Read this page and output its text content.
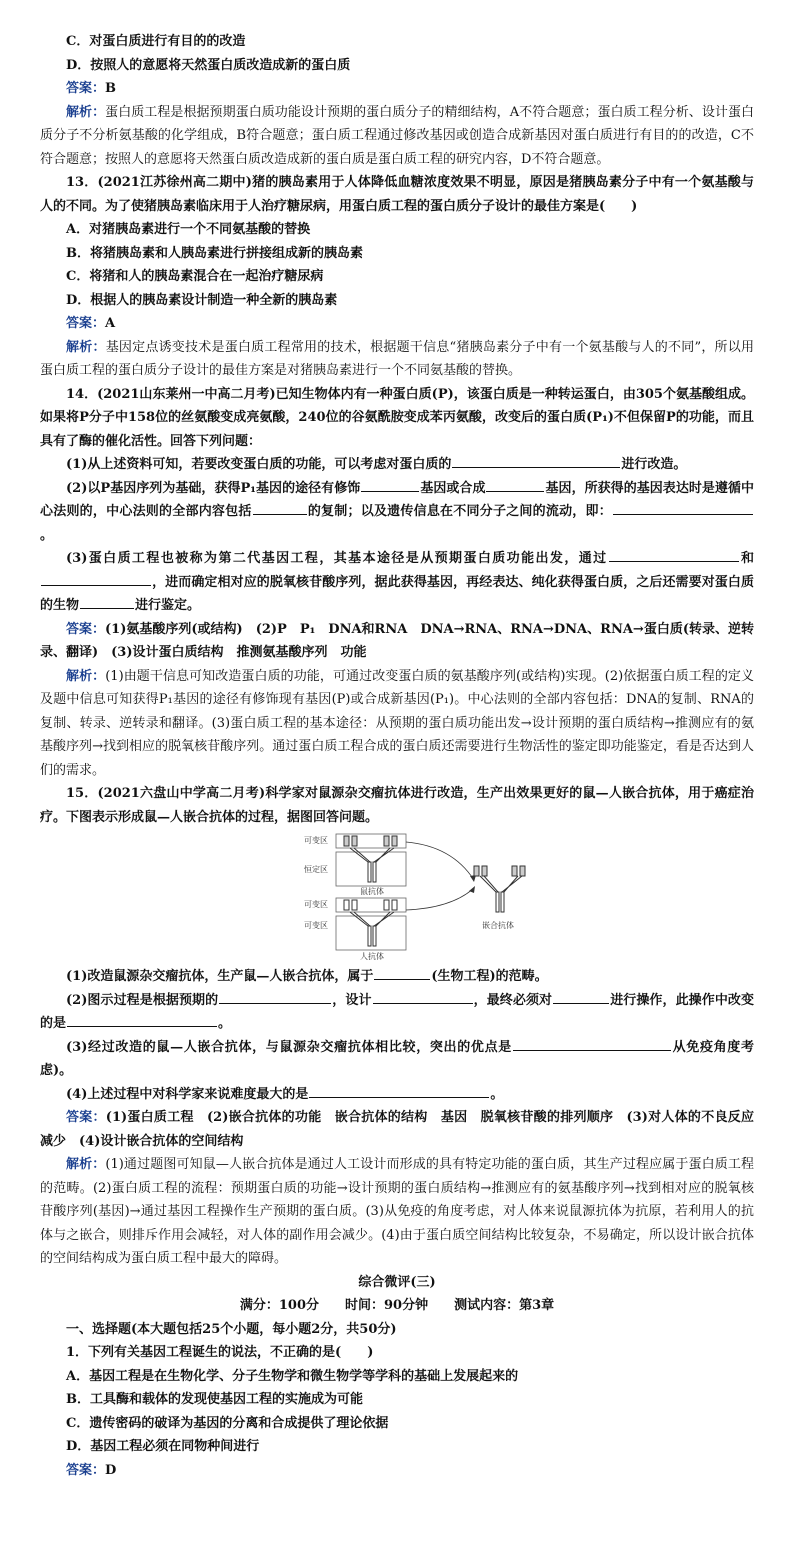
C．对蛋白质进行有目的的改造

D．按照人的意愿将天然蛋白质改造成新的蛋白质

答案：B

解析：蛋白质工程是根据预期蛋白质功能设计预期的蛋白质分子的精细结构，A不符合题意；蛋白质工程分析、设计蛋白质分子不分析氨基酸的化学组成，B符合题意；蛋白质工程通过修改基因或创造合成新基因对蛋白质进行有目的的改造，C不符合题意；按照人的意愿将天然蛋白质改造成新的蛋白质是蛋白质工程的研究内容，D不符合题意。

13．(2021江苏徐州高二期中)猪的胰岛素用于人体降低血糖浓度效果不明显，原因是猪胰岛素分子中有一个氨基酸与人的不同。为了使猪胰岛素临床用于人治疗糖尿病，用蛋白质工程的蛋白质分子设计的最佳方案是(　　)

A．对猪胰岛素进行一个不同氨基酸的替换

B．将猪胰岛素和人胰岛素进行拼接组成新的胰岛素

C．将猪和人的胰岛素混合在一起治疗糖尿病

D．根据人的胰岛素设计制造一种全新的胰岛素

答案：A

解析：基因定点诱变技术是蛋白质工程常用的技术，根据题干信息“猪胰岛素分子中有一个氨基酸与人的不同”，所以用蛋白质工程的蛋白质分子设计的最佳方案是对猪胰岛素进行一个不同氨基酸的替换。

14．(2021山东莱州一中高二月考)已知生物体内有一种蛋白质(P)，该蛋白质是一种转运蛋白，由305个氨基酸组成。如果将P分子中158位的丝氨酸变成亮氨酸，240位的谷氨酰胺变成苯丙氨酸，改变后的蛋白质(P₁)不但保留P的功能，而且具有了酶的催化活性。回答下列问题：

(1)从上述资料可知，若要改变蛋白质的功能，可以考虑对蛋白质的	进行改造。

(2)以P基因序列为基础，获得P₁基因的途径有修饰	基因或合成	基因，所获得的基因表达时是遵循中心法则的，中心法则的全部内容包括	的复制；以及遗传信息在不同分子之间的流动，即：。

(3)蛋白质工程也被称为第二代基因工程，其基本途径是从预期蛋白质功能出发，通过	和，进而确定相对应的脱氧核苷酸序列，据此获得基因，再经表达、纯化获得蛋白质，之后还需要对蛋白质的生物	进行鉴定。

答案：(1)氨基酸序列(或结构)　(2)P　P₁　DNA和RNA　DNA→RNA、RNA→DNA、RNA→蛋白质(转录、逆转录、翻译)　(3)设计蛋白质结构　推测氨基酸序列　功能

解析：(1)由题干信息可知改造蛋白质的功能，可通过改变蛋白质的氨基酸序列(或结构)实现。(2)依据蛋白质工程的定义及题中信息可知获得P₁基因的途径有修饰现有基因(P)或合成新基因(P₁)。中心法则的全部内容包括：DNA的复制、RNA的复制、转录、逆转录和翻译。(3)蛋白质工程的基本途径：从预期的蛋白质功能出发→设计预期的蛋白质结构→推测应有的氨基酸序列→找到相应的脱氧核苷酸序列。通过蛋白质工程合成的蛋白质还需要进行生物活性的鉴定即功能鉴定，看是否达到人们的需求。

15．(2021六盘山中学高二月考)科学家对鼠源杂交瘤抗体进行改造，生产出效果更好的鼠—人嵌合抗体，用于癌症治疗。下图表示形成鼠—人嵌合抗体的过程，据图回答问题。

可变区
恒定区
鼠抗体
可变区
可变区
人抗体
嵌合抗体

(1)改造鼠源杂交瘤抗体，生产鼠—人嵌合抗体，属于	(生物工程)的范畴。

(2)图示过程是根据预期的	，设计	，最终必须对	进行操作，此操作中改变的是	。

(3)经过改造的鼠—人嵌合抗体，与鼠源杂交瘤抗体相比较，突出的优点是	从免疫角度考虑)。

(4)上述过程中对科学家来说难度最大的是	。

答案：(1)蛋白质工程　(2)嵌合抗体的功能　嵌合抗体的结构　基因　脱氧核苷酸的排列顺序　(3)对人体的不良反应减少　(4)设计嵌合抗体的空间结构

解析：(1)通过题图可知鼠—人嵌合抗体是通过人工设计而形成的具有特定功能的蛋白质，其生产过程应属于蛋白质工程的范畴。(2)蛋白质工程的流程：预期蛋白质的功能→设计预期的蛋白质结构→推测应有的氨基酸序列→找到相对应的脱氧核苷酸序列(基因)→通过基因工程操作生产预期的蛋白质。(3)从免疫的角度考虑，对人体来说鼠源抗体为抗原，若利用人的抗体与之嵌合，则排斥作用会减轻，对人体的副作用会减少。(4)由于蛋白质空间结构比较复杂，不易确定，所以设计嵌合抗体的空间结构成为蛋白质工程中最大的障碍。

综合微评(三)

满分：100分　　时间：90分钟　　测试内容：第3章

一、选择题(本大题包括25个小题，每小题2分，共50分)

1．下列有关基因工程诞生的说法，不正确的是(　　)

A．基因工程是在生物化学、分子生物学和微生物学等学科的基础上发展起来的

B．工具酶和载体的发现使基因工程的实施成为可能

C．遗传密码的破译为基因的分离和合成提供了理论依据

D．基因工程必须在同物种间进行

答案：D
